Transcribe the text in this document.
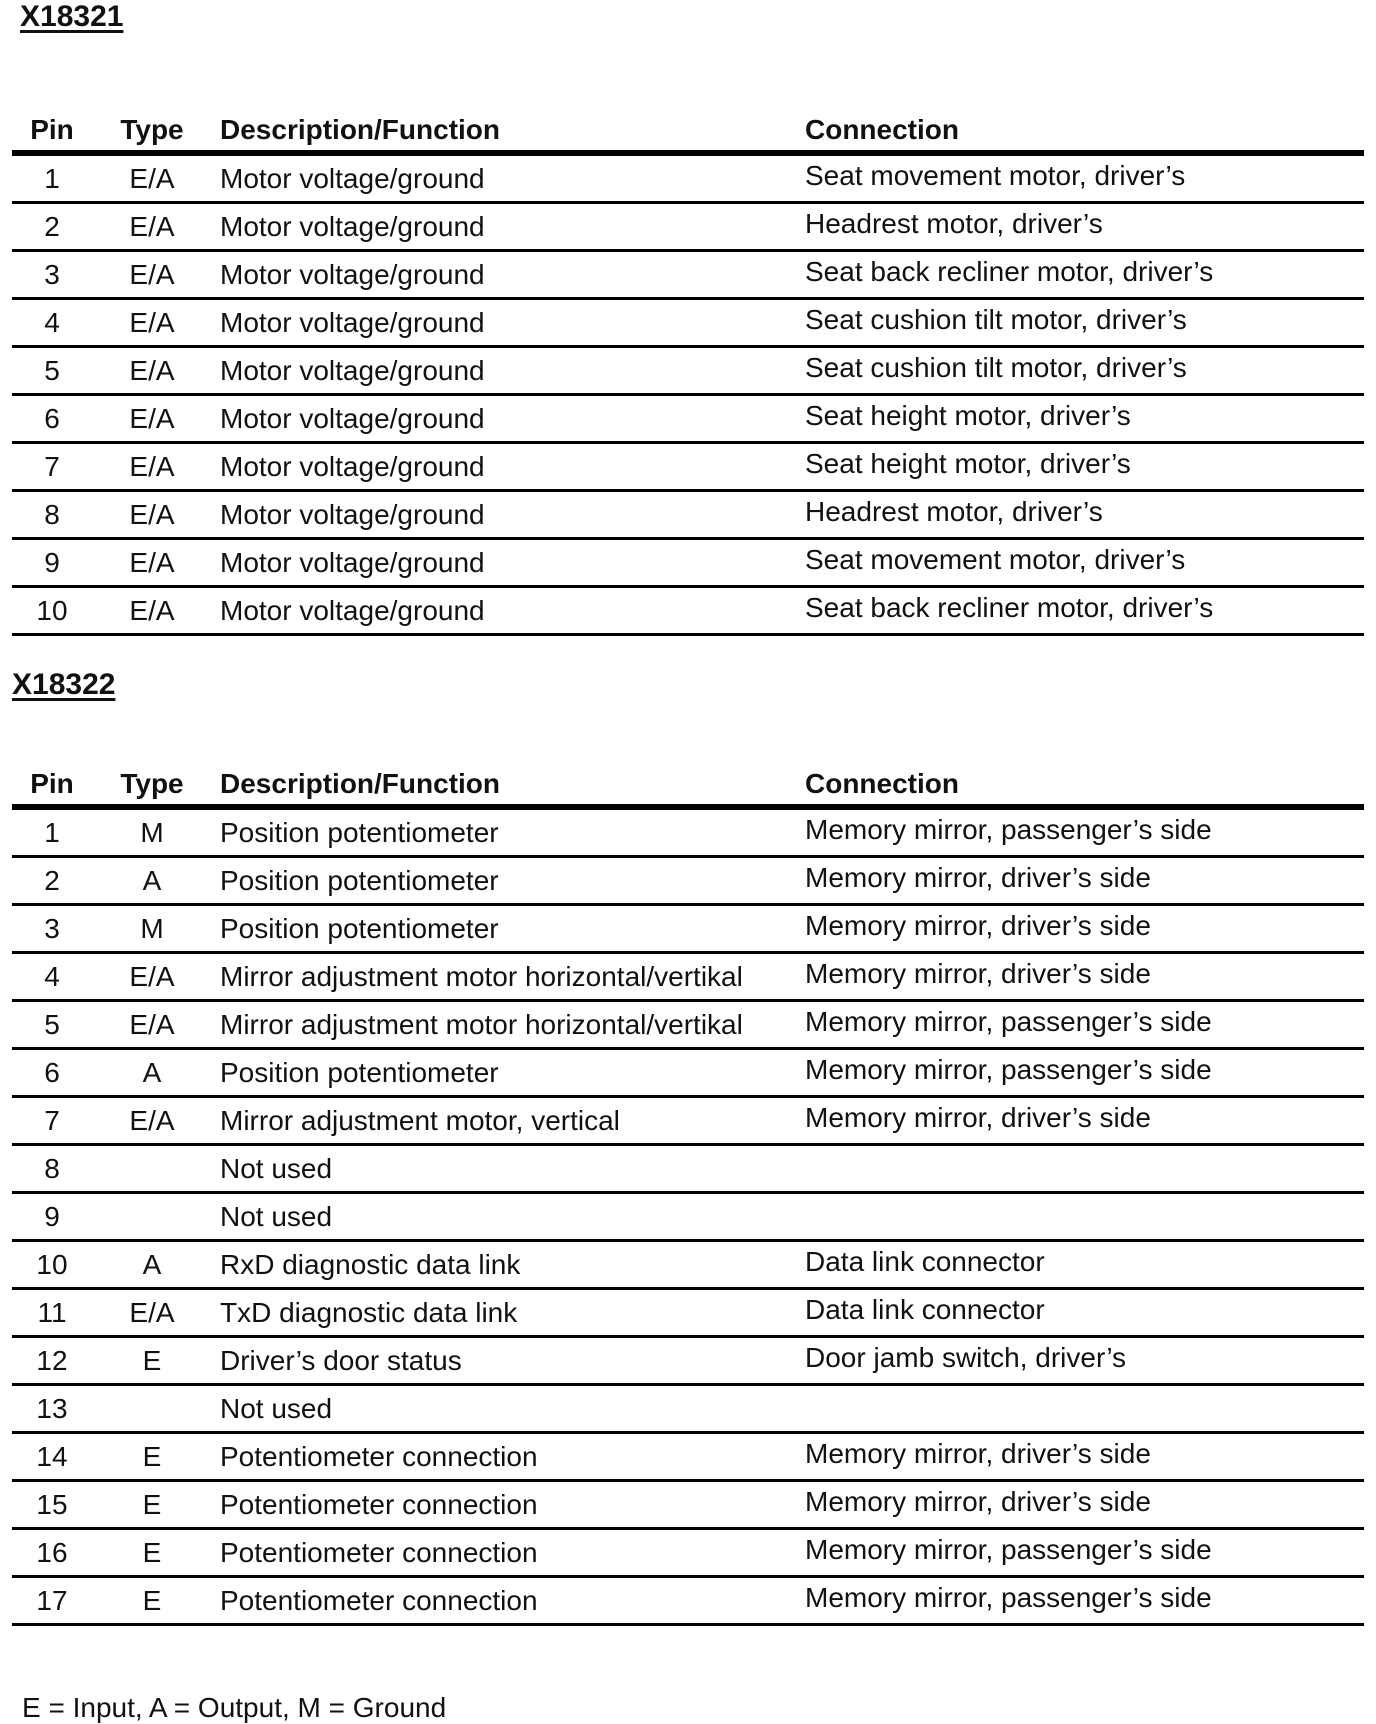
X18321
Pin	Type	Description/Function	Connection
1	E/A	Motor voltage/ground	Seat movement motor, driver’s
2	E/A	Motor voltage/ground	Headrest motor, driver’s
3	E/A	Motor voltage/ground	Seat back recliner motor, driver’s
4	E/A	Motor voltage/ground	Seat cushion tilt motor, driver’s
5	E/A	Motor voltage/ground	Seat cushion tilt motor, driver’s
6	E/A	Motor voltage/ground	Seat height motor, driver’s
7	E/A	Motor voltage/ground	Seat height motor, driver’s
8	E/A	Motor voltage/ground	Headrest motor, driver’s
9	E/A	Motor voltage/ground	Seat movement motor, driver’s
10	E/A	Motor voltage/ground	Seat back recliner motor, driver’s
X18322
Pin	Type	Description/Function	Connection
1	M	Position potentiometer	Memory mirror, passenger’s side
2	A	Position potentiometer	Memory mirror, driver’s side
3	M	Position potentiometer	Memory mirror, driver’s side
4	E/A	Mirror adjustment motor horizontal/vertikal	Memory mirror, driver’s side
5	E/A	Mirror adjustment motor horizontal/vertikal	Memory mirror, passenger’s side
6	A	Position potentiometer	Memory mirror, passenger’s side
7	E/A	Mirror adjustment motor, vertical	Memory mirror, driver’s side
8		Not used	
9		Not used	
10	A	RxD diagnostic data link	Data link connector
11	E/A	TxD diagnostic data link	Data link connector
12	E	Driver’s door status	Door jamb switch, driver’s
13		Not used	
14	E	Potentiometer connection	Memory mirror, driver’s side
15	E	Potentiometer connection	Memory mirror, driver’s side
16	E	Potentiometer connection	Memory mirror, passenger’s side
17	E	Potentiometer connection	Memory mirror, passenger’s side

E = Input, A = Output, M = Ground
